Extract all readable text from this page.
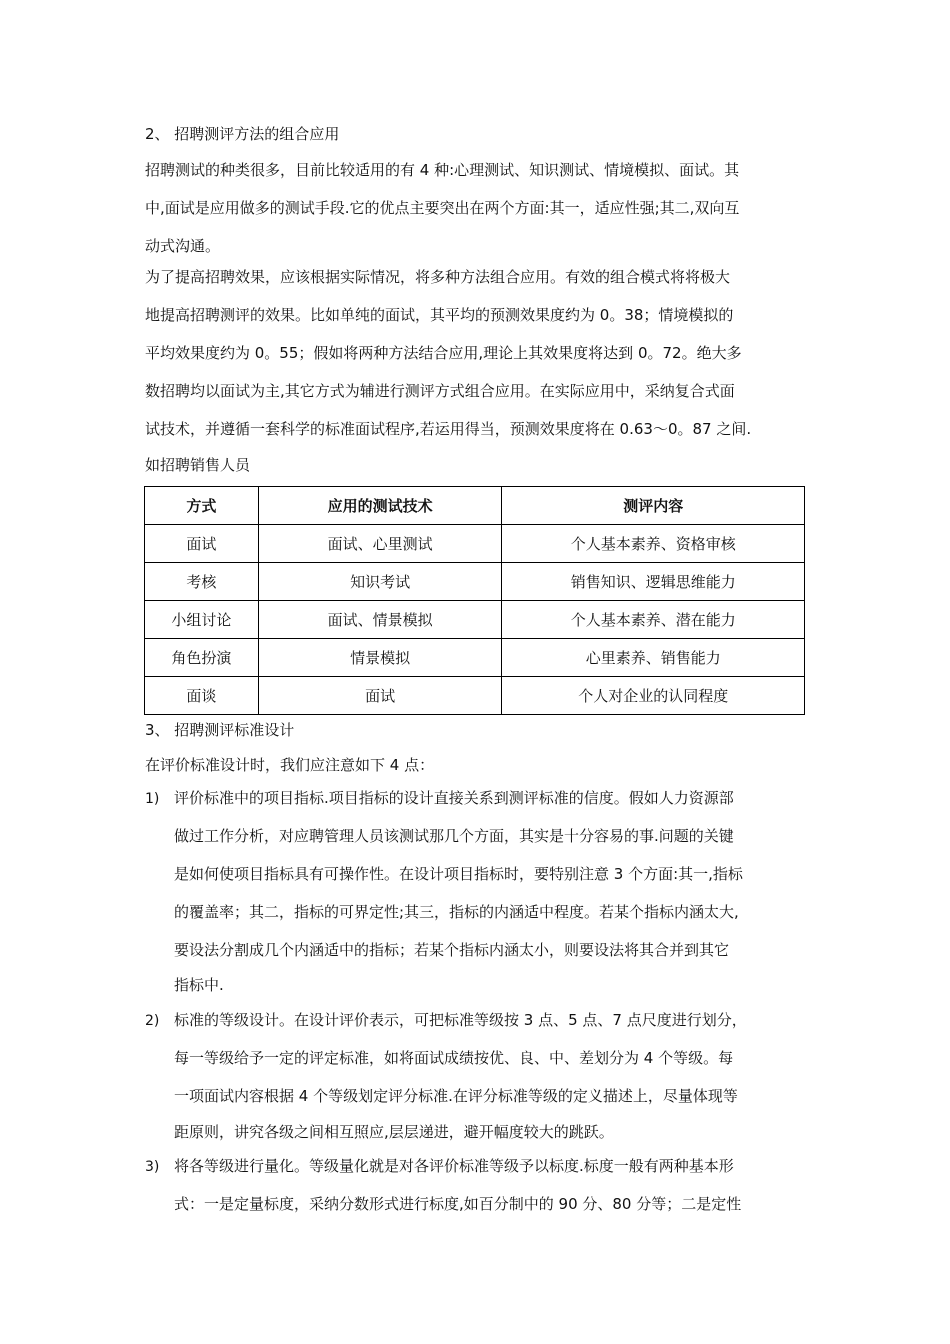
2、 招聘测评方法的组合应用
招聘测试的种类很多，目前比较适用的有 4 种:心理测试、知识测试、情境模拟、面试。其
中,面试是应用做多的测试手段.它的优点主要突出在两个方面:其一，适应性强;其二,双向互
动式沟通。
为了提高招聘效果，应该根据实际情况，将多种方法组合应用。有效的组合模式将将极大
地提高招聘测评的效果。比如单纯的面试，其平均的预测效果度约为 0。38；情境模拟的
平均效果度约为 0。55；假如将两种方法结合应用,理论上其效果度将达到 0。72。绝大多
数招聘均以面试为主,其它方式为辅进行测评方式组合应用。在实际应用中，采纳复合式面
试技术，并遵循一套科学的标准面试程序,若运用得当，预测效果度将在 0.63～0。87 之间.
如招聘销售人员
方式	应用的测试技术	测评内容
面试	面试、心里测试	个人基本素养、资格审核
考核	知识考试	销售知识、逻辑思维能力
小组讨论	面试、情景模拟	个人基本素养、潜在能力
角色扮演	情景模拟	心里素养、销售能力
面谈	面试	个人对企业的认同程度
3、 招聘测评标准设计
在评价标准设计时，我们应注意如下 4 点：
1) 评价标准中的项目指标.项目指标的设计直接关系到测评标准的信度。假如人力资源部
做过工作分析，对应聘管理人员该测试那几个方面，其实是十分容易的事.问题的关键
是如何使项目指标具有可操作性。在设计项目指标时，要特别注意 3 个方面:其一,指标
的覆盖率；其二，指标的可界定性;其三，指标的内涵适中程度。若某个指标内涵太大,
要设法分割成几个内涵适中的指标；若某个指标内涵太小，则要设法将其合并到其它
指标中.
2) 标准的等级设计。在设计评价表示，可把标准等级按 3 点、5 点、7 点尺度进行划分，
每一等级给予一定的评定标准，如将面试成绩按优、良、中、差划分为 4 个等级。每
一项面试内容根据 4 个等级划定评分标准.在评分标准等级的定义描述上，尽量体现等
距原则，讲究各级之间相互照应,层层递进，避开幅度较大的跳跃。
3) 将各等级进行量化。等级量化就是对各评价标准等级予以标度.标度一般有两种基本形
式：一是定量标度，采纳分数形式进行标度,如百分制中的 90 分、80 分等；二是定性
